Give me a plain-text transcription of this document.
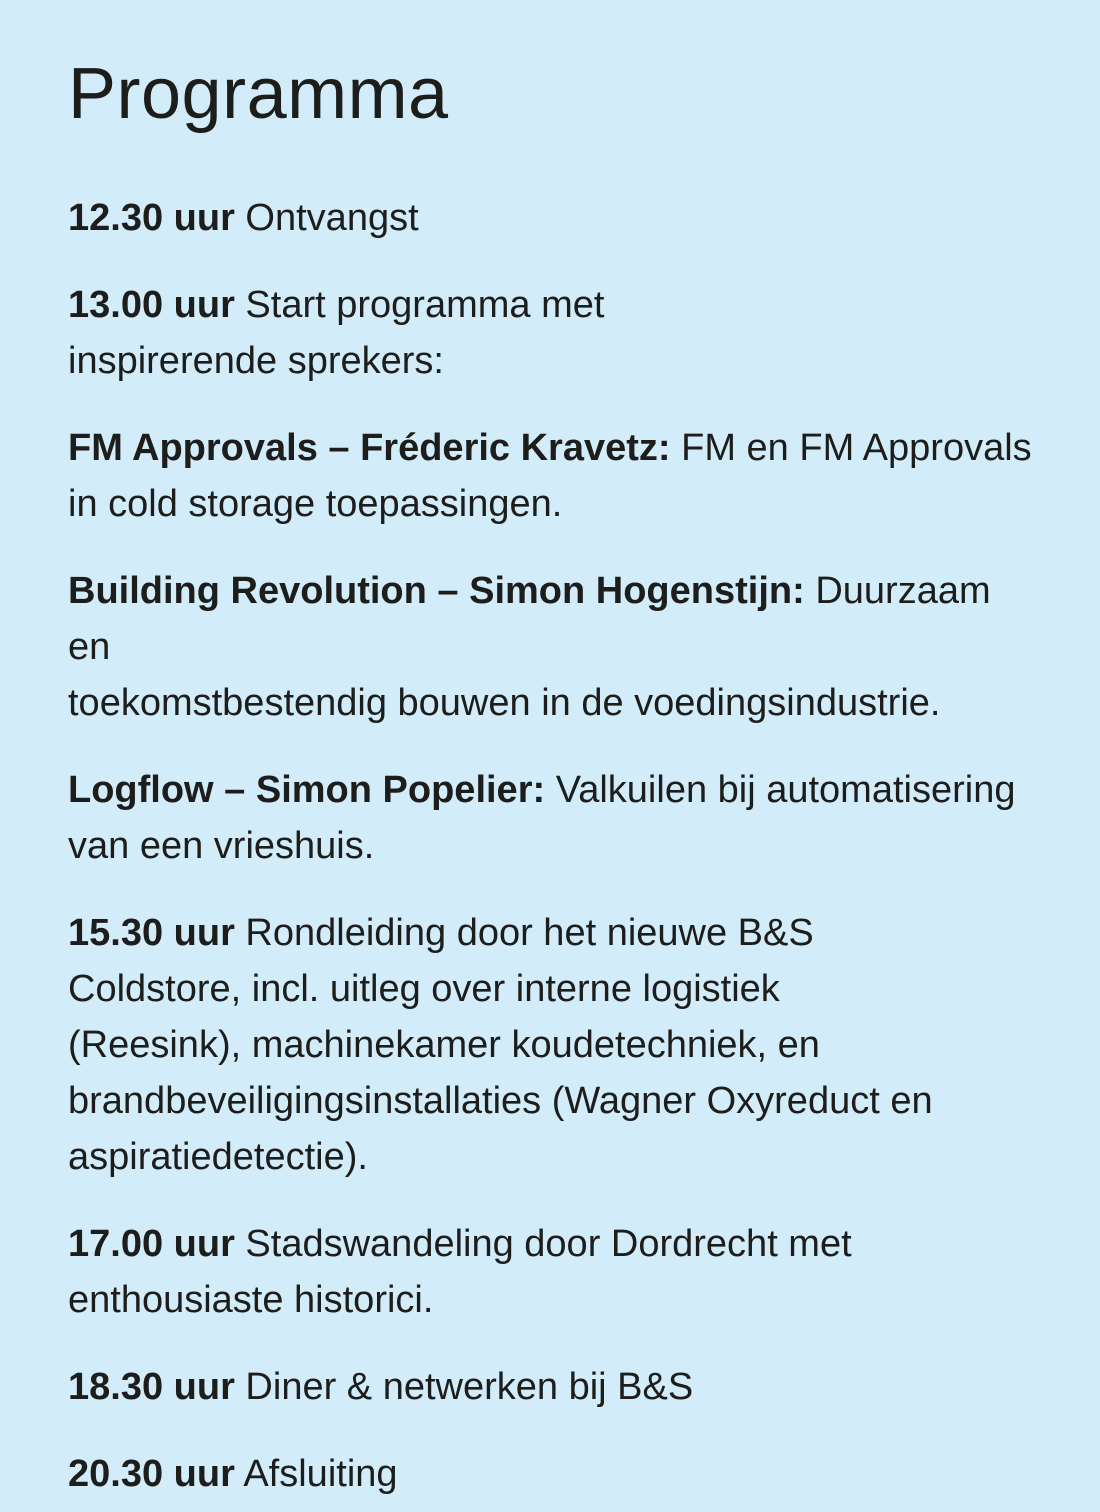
Programma
12.30 uur Ontvangst
13.00 uur Start programma met
inspirerende sprekers:
FM Approvals – Fréderic Kravetz: FM en FM Approvals
in cold storage toepassingen.
Building Revolution – Simon Hogenstijn: Duurzaam en
toekomstbestendig bouwen in de voedingsindustrie.
Logflow – Simon Popelier: Valkuilen bij automatisering
van een vrieshuis.
15.30 uur Rondleiding door het nieuwe B&S
Coldstore, incl. uitleg over interne logistiek
(Reesink), machinekamer koudetechniek, en
brandbeveiligingsinstallaties (Wagner Oxyreduct en
aspiratiedetectie).
17.00 uur Stadswandeling door Dordrecht met
enthousiaste historici.
18.30 uur Diner & netwerken bij B&S
20.30 uur Afsluiting
